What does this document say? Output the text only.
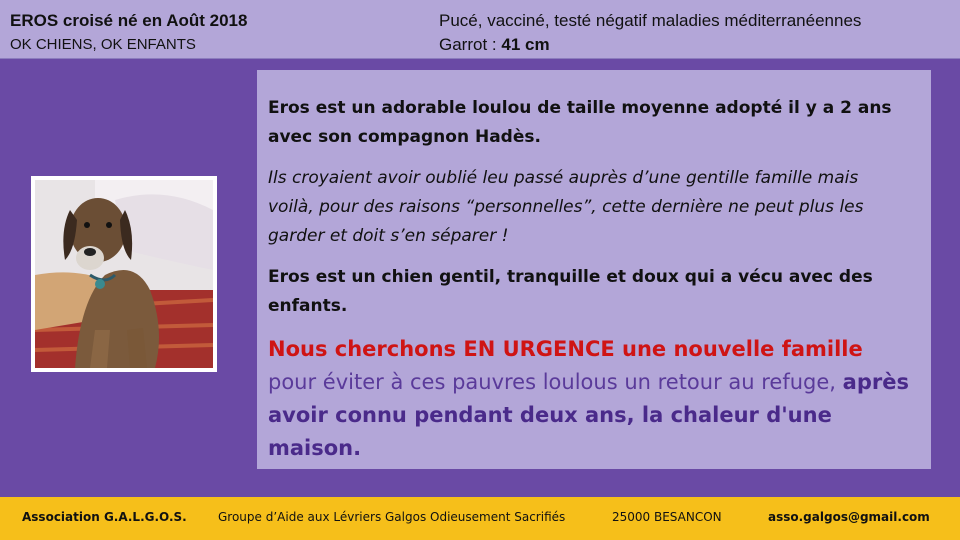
EROS croisé né en Août 2018
OK CHIENS, OK ENFANTS
Pucé, vacciné, testé négatif maladies méditerranéennes
Garrot : 41 cm

Eros est un adorable loulou de taille moyenne adopté il y a 2 ans avec son compagnon Hadès.

Ils croyaient avoir oublié leu passé auprès d’une gentille famille mais voilà, pour des raisons “personnelles”, cette dernière ne peut plus les garder et doit s’en séparer !

Eros est un chien gentil, tranquille et doux qui a vécu avec des enfants.

Nous cherchons EN URGENCE une nouvelle famille pour éviter à ces pauvres loulous un retour au refuge, après avoir connu pendant deux ans, la chaleur d'une maison.

Association G.A.L.G.O.S.	Groupe d’Aide aux Lévriers Galgos Odieusement Sacrifiés	25000 BESANCON	asso.galgos@gmail.com
